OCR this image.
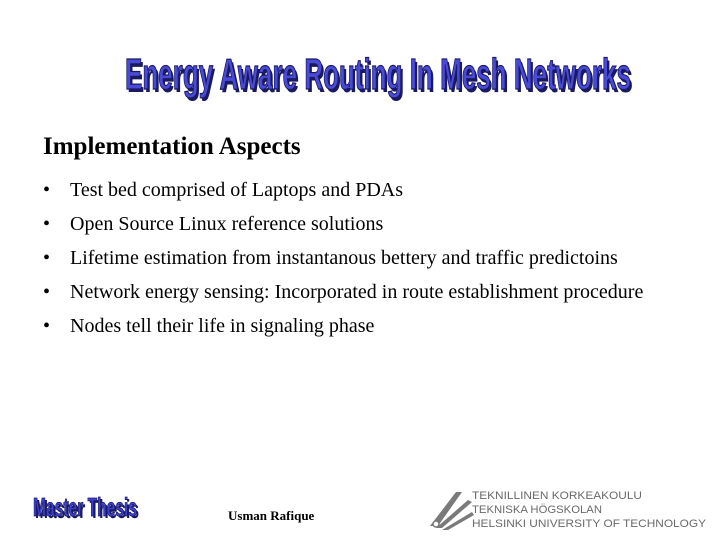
Energy Aware Routing In Mesh Networks
Energy Aware Routing In Mesh Networks
Implementation Aspects
• Test bed comprised of Laptops and PDAs
• Open Source Linux reference solutions
• Lifetime estimation from instantanous bettery and traffic predictoins
• Network energy sensing: Incorporated in route establishment procedure
• Nodes tell their life in signaling phase
Master Thesis
Master Thesis	Usman Rafique
TEKNILLINEN KORKEAKOULU
TEKNISKA HÖGSKOLAN
HELSINKI UNIVERSITY OF TECHNOLOGY
